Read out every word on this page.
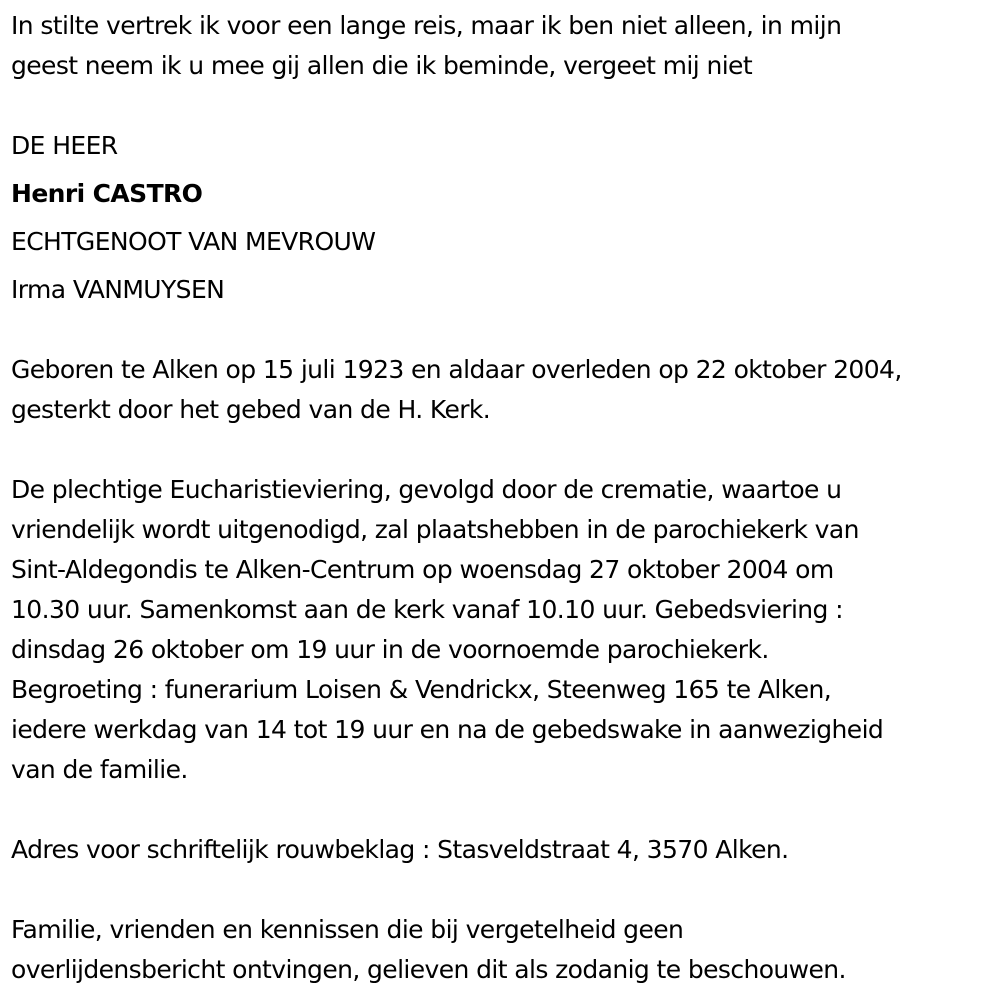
In stilte vertrek ik voor een lange reis, maar ik ben niet alleen, in mijn
geest neem ik u mee gij allen die ik beminde, vergeet mij niet
DE HEER
Henri CASTRO
ECHTGENOOT VAN MEVROUW
Irma VANMUYSEN
Geboren te Alken op 15 juli 1923 en aldaar overleden op 22 oktober 2004,
gesterkt door het gebed van de H. Kerk.
De plechtige Eucharistieviering, gevolgd door de crematie, waartoe u
vriendelijk wordt uitgenodigd, zal plaatshebben in de parochiekerk van
Sint-Aldegondis te Alken-Centrum op woensdag 27 oktober 2004 om
10.30 uur. Samenkomst aan de kerk vanaf 10.10 uur. Gebedsviering :
dinsdag 26 oktober om 19 uur in de voornoemde parochiekerk.
Begroeting : funerarium Loisen & Vendrickx, Steenweg 165 te Alken,
iedere werkdag van 14 tot 19 uur en na de gebedswake in aanwezigheid
van de familie.
Adres voor schriftelijk rouwbeklag : Stasveldstraat 4, 3570 Alken.
Familie, vrienden en kennissen die bij vergetelheid geen
overlijdensbericht ontvingen, gelieven dit als zodanig te beschouwen.
